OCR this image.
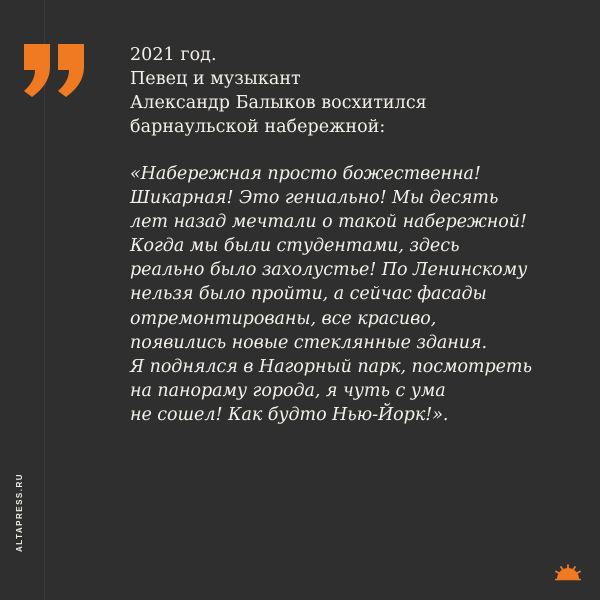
ALTAPRESS.RU
2021 год.
Певец и музыкант
Александр Балыков восхитился
барнаульской набережной:
«Набережная просто божественна!
Шикарная! Это гениально! Мы десять
лет назад мечтали о такой набережной!
Когда мы были студентами, здесь
реально было захолустье! По Ленинскому
нельзя было пройти, а сейчас фасады
отремонтированы, все красиво,
появились новые стеклянные здания.
Я поднялся в Нагорный парк, посмотреть
на панораму города, я чуть с ума
не сошел! Как будто Нью-Йорк!».
